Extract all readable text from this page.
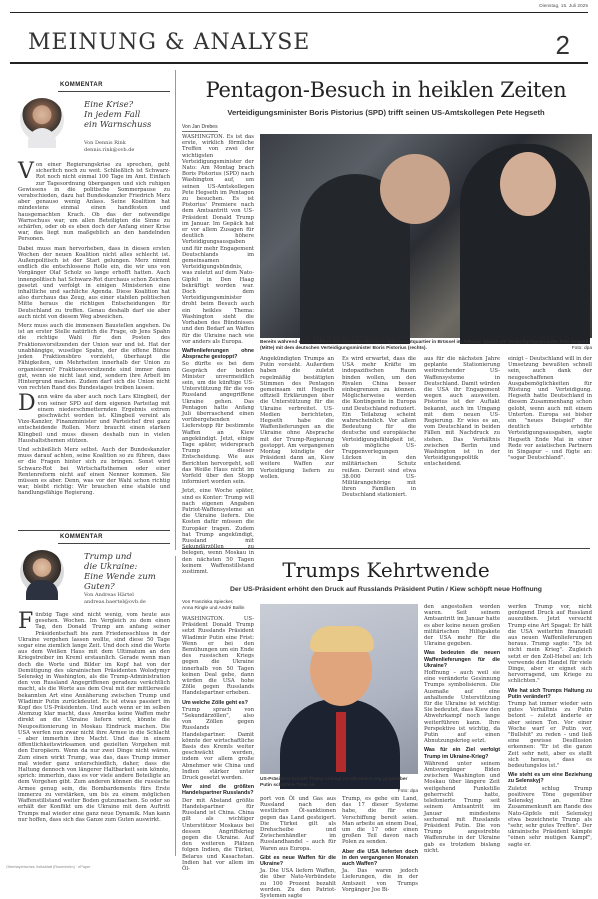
Dienstag, 15. Juli 2025
MEINUNG & ANALYSE	2
KOMMENTAR
Eine Krise?
In jedem Fall
ein Warnschuss
Von Dennis Rink
dennis.rink@ovb.de

Von einer Regierungskrise zu sprechen, geht sicherlich noch zu weit. Schließlich ist Schwarz-Rot noch nicht einmal 100 Tage im Amt. Einfach zur Tagesordnung übergangen und sich ruhigen Gewissens in die politische Sommerpause zu verabschieden, dazu hat Bundeskanzler Friedrich Merz aber genauso wenig Anlass. Seine Koalition hat mindestens einmal einen handfesten und hausgemachten Krach. Ob das der notwendige Warnschuss war, um allen Beteiligten die Sinne zu schärfen, oder ob es eben doch der Anfang einer Krise war, das liegt nun maßgeblich an den handelnden Personen.

Dabei muss man hervorheben, dass in diesen ersten Wochen der neuen Koalition nicht alles schlecht ist. Außenpolitisch ist der Start gelungen. Merz nimmt endlich die entschlossene Rolle ein, die wir uns von Vorgänger Olaf Scholz so lange erhofft hatten. Auch innenpolitisch hat Schwarz-Rot durchaus schon Zeichen gesetzt und verfolgt in einigen Ministerien eine inhaltliche und sachliche Agenda. Diese Koalition hat also durchaus das Zeug, aus einer stabilen politischen Mitte heraus die richtigen Entscheidungen für Deutschland zu treffen. Genau deshalb darf sie aber auch nicht von diesem Weg abweichen.

Merz muss auch die immensen Baustellen angehen. Da ist an erster Stelle natürlich die Frage, ob Jens Spahn die richtige Wahl für den Posten des Fraktionsvorsitzenden der Union war und ist. Hat der unabhängige, wuselige Spahn, der die offene Bühne jeden Fraktionsbüro vorzieht, überhaupt die Fähigkeiten, um Mehrheiten innerhalb der Union zu organisieren? Fraktionsvorsitzende sind immer dann gut, wenn sie nicht laut sind, sondern ihre Arbeit im Hintergrund machen. Zudem darf sich die Union nicht von rechten Rand des Bundestages treiben lassen.

Dann wäre da aber auch noch Lars Klingbeil, der von seiner SPD auf dem eigenen Parteitag mit einem niederschmetternden Ergebnis extrem geschwächt worden ist. Klingbeil vereint als Vize-Kanzler, Finanzminister und Parteichef drei ganz entscheidende Rollen. Merz braucht einen starken Klingbeil und muss diesen deshalb nun in vielen Haushaltsthemen stützen.

Und schließlich Merz selbst. Auch der Bundeskanzler muss darauf achten, seine Koalition so zu führen, dass er die Fragen hinter sich zu bringen. Sonst wird Schwarz-Rot bei Wirtschaftsthemen oder einer Rentenreform nicht auf einen Nenner kommen. Sie müssen es aber. Denn, was vor der Wahl schon richtig war, bleibt richtig: Wir brauchen eine stabile und handlungsfähige Regierung.

KOMMENTAR
Trump und
die Ukraine:
Eine Wende zum Guten?
Von Andreas Härtel
andreas.haertel@ovb.de

Fünfzig Tage sind nicht wenig, vom heute aus gesehen. Wochen. Im Vergleich zu dem einen Tag, den Donald Trump am anfang seiner Präsidentschaft bis zum Friedensschluss in der Ukraine vergehen lassen wollte, sind diese 50 Tage sogar eine ziemlich lange Zeit. Und doch sind die Worte aus dem Weißen Haus mit dem Ultimatum an den Kriegstreiber im Kreml erstaunlich. Gerade wenn man doch die Worte und Bilder im Kopf hat von der Demütigung des ukrainischen Präsidenten Wolodymyr Selenskyj in Washington, als die Trump-Administration den von Russland Angegriffenen geradezu verächtlich macht, als die Worte aus dem Oval mit der mittlerweile bekannten Art eine Annäherung zwischen Trump und Wladimir Putin zurückdeutet. Es ist etwas passiert im Kopf des US-Präsidenten. Und auch wenn er im selben Atemzug klar macht, dass Amerika keine Waffen mehr direkt an die Ukraine liefern wird, könnte die Neupositionierung in Moskau Eindruck machen. Die USA werfen nun zwar nicht ihre Armee in die Schlacht – aber immerhin ihre Macht. Und das in einem öffentlichkeitswirksamen und gezielten Vorgehen mit den Europäern. Wenn da nur zwei Dinge nicht wären. Zum einen wirkt Trump, was das, dass Trump immer mal wieder ganz unterschiedlich, daher, dass die Haltung dennoch von längerer Haltbarkeit sein könnte, sprich: immerhin, dass es vor viele andere Beteiligte an dem Vorgehen gibt. Zum anderen können die russische Armee genug sein, die Bombardements fürs Erste immerzu zu verstärken, um bis zu einem möglichen Waffenstillstand weiter Boden gutzumachen. So oder so erhält der Konflikt um die Ukraine mit dem Auftritt Trumps mal wieder eine ganz neue Dynamik. Man kann nur hoffen, dass sich das Ganze zum Guten auswirkt.

Pentagon-Besuch in heiklen Zeiten
Verteidigungsminister Boris Pistorius (SPD) trifft seinen US-Amtskollegen Pete Hegseth
Von Jan Drebes

WASHINGTON. Es ist das erste, wirklich förmliche Treffen von zwei der wichtigsten Verteidigungsminister der Nato: Am Montag brach Boris Pistorius (SPD) nach Washington auf, um seinen US-Amtskollegen Pete Hegseth im Pentagon zu besuchen. Es ist Pistorius' Premiere nach dem Amtsantritt von US-Präsident Donald Trump im Januar. Im Gepäck hat er vor allem Zusagen für deutlich höhere Verteidigungsausgaben und für mehr Engagement Deutschlands im gemeinsamen Verteidigungsbündnis, was zuletzt auf dem Nato-Gipfel in Den Haag bekräftigt worden war. Doch dem Verteidigungsminister droht beim Besuch auch ein heikles Thema: Washington sieht die Vorhaben des Bündnisses und den Bedarf an Waffen für die Ukraine nach wie vor anders als Europa.

Waffenlieferungen ohne Absprache gestoppt?

So dürfte es bei dem Gespräch der beiden Minister unvermeidlich sein, um die künftige US-Unterstützung für die von Russland angegriffene Ukraine gehen. Das Pentagon hatte Anfang Juli überraschend einen vorübergehenden Lieferstopp für bestimmte Waffen an Kiew angekündigt. Jetzt, einige Tage später, widersprach Trump dieser Entscheidung. Wie aus Berichten hervorgeht, soll das Weiße Haus nicht im Vorfeld über den Stopp informiert worden sein.

Jetzt, eine Woche später, sind es Konter: Trump will nach eigenen Angaben Patriot-Waffensysteme an die Ukraine liefern. Die Kosten dafür müssen die Europäer tragen. Zudem hat Trump angekündigt, Russland mit Sekundärzöllen zu belegen, wenn Moskau in den nächsten 50 Tagen keinem Waffenstillstand zustimmt.

Bereits während eines Treffens des Nordatlantikrats im Nato-Hauptquartier in Brüssel im Februar sprach US-Verteidigungsminister Pete Hegseth (Mitte) mit dem deutschen Verteidigungsminister Boris Pistorius (rechts).	Foto: dpa

Angekündigten Trumps an Putin vorsieht. Außerdem haben die zuletzt regelmäßig bestätigten Stimmen des Pentagon gemeinsam mit Hegseth offiziell Erklärungen über die Unterstützung für die Ukraine verbreitet. US-Medien berichteten, Hegseth habe die Waffenlieferungen an die Ukraine ohne Absprache mit der Trump-Regierung gestoppt. Am vergangenen Montag kündigte der Präsident dann an, Kiew weitere Waffen zur Verteidigung liefern zu wollen.

Es wird erwartet, dass die USA mehr Kräfte im indopazifischen Raum binden wollen, um den Rivalen China besser einbegrenzen zu können. Möglicherweise werden die Kontingente in Europa und Deutschland reduziert. Ein Teilabzug scheint wahrscheinlich. Vor allem Bedeutung für die deutsche und europäische Verteidigungsfähigkeit ist, ob mögliche US-Truppenverlegungen Lücken in den militärischen Schutz reißen. Derzeit sind etwa 38.000 US-Militärangehörige mit ihren Familien in Deutschland stationiert.

aus für die nächsten Jahre geplante Stationierung weitreichender US-Waffensysteme in Deutschland. Damit würden die USA ihr Engagement wegen auch ausweiten. Pistorius ist der Auftakt bekannt, auch im Umgang mit dem neuen US-Regierung. Er wies es an, vom Deutschland in beiden Fällen mit Nachdruck zu stehen. Das Verhältnis zwischen Berlin und Washington ist in der Verteidigungspolitik entscheidend.

einigt – Deutschland will in der Umsetzung bewußten schnell sein, auch dank der neugeschaffenen Ausgabemöglichkeiten für Rüstung und Verteidigung. Hegseth hatte Deutschland in diesem Zusammenhang schon gelobt, wenn auch mit einem Unterton. Europa sei bisher ein "neues Beispiel" für deutlich erhöhte Verteidigungsausgaben, sagte Hegseth Ende Mai in einer Rede vor asiatischen Partnern in Singapur – und fügte an: "sogar Deutschland".

Trumps Kehrtwende
Der US-Präsident erhöht den Druck auf Russlands Präsident Putin / Kiew schöpft neue Hoffnung
Von Franziska Spiecker,
Anna Ringle und André Ballin

WASHINGTON. US-Präsident Donald Trump setzt Russlands Präsident Wladimir Putin eine Frist: Wenn er bei den Bemühungen um ein Ende des russischen Kriegs gegen die Ukraine innerhalb von 50 Tagen keinen Deal gebe, dann würden die USA hohe Zölle gegen Russlands Handelspartner erheben.

Um welche Zölle geht es?

Trump sprach von "Sekundärzöllen", also von Zöllen gegen Russlands Handelspartner. Damit könnte der wirtschaftliche Basis des Kremls weiter geschwächt werden, indem vor allem große Abnehmer wie China und Indien stärker unter Druck gesetzt werden.

Wer sind die größten Handelspartner Russlands?

Der mit Abstand größte Handelspartner für Russland ist China. China gilt als wichtiger Unterstützer Moskaus bei dessen Angriffskrieg gegen die Ukraine. Auf den weiteren Plätzen folgen Indien, die Türkei, Belarus und Kasachstan. Indien hat vor allem im Öl-

US-Präsident Donald Trump schlägt im Ukraine-Krieg gegenüber Putin schärfere Töne an.
Foto: dpa

port von Öl und Gas aus Russland nach den westlichen Öl-sanktionen gegen das Land gesteigert. Die Türkei gilt als Drehscheibe und Zwischenhändler im Russlandhandel – auch für Waren aus Europa.

Gibt es neue Waffen für die Ukraine?

Ja. Die USA liefern Waffen, die über Nato-Verbündete zu 100 Prozent bezahlt werden. Zu den Patriot-Systemen sagte

Trump, es gehe ein Land, das 17 dieser Systeme habe, die für eine Verschiffung bereit seien. Man arbeite an einem Deal, um die 17 oder einen großen Teil davon nach Polen zu senden.

Aber die USA lieferten doch in den vergangenen Monaten auch Waffen?

Ja. Das waren jedoch Lieferungen, die in der Amtszeit von Trumps Vorgänger Joe Bi-

den angestoßen worden waren. Seit seinem Amtsantritt im Januar hatte es aber keine neuen großen militärischen Hilfspakete der USA mehr für die Ukraine gegeben.

Was bedeuten die neuen Waffenlieferungen für die Ukraine?

Hoffnung – auch weil sie eine veränderte Gesinnung Trumps symbolisieren. Die Ausmaße auf eine anhaltende Unterstützung für die Ukraine ist wichtig: Sie bedeutet, dass Kiew den Abwehrkampf noch lange weiterführen kann. Ihre Perspektive ist wichtig, da Putin auf einen Abnutzungskrieg setzt.

Was für ein Ziel verfolgt Trump im Ukraine-Krieg?

Während unter seinem Amtsvorgänger Biden zwischen Washington und Moskau über längere Zeit weitgehend Funkstille geherrscht hatte, telefonierte Trump seit seinem Amtsantritt im Januar mindestens sechsmal mit Russlands Präsident Putin. Die von Trump angestrebte Waffenruhe in der Ukraine gab es trotzdem bislang nicht.

werfen Trump vor, nicht genügend Druck auf Russland auszuüben. Jetzt versucht Trump eine Art Spagat: Er hält die USA weiterhin finanziell aus neuen Waffenlieferungen heraus. Trump sagte: "Es ist nicht mein Krieg". Zugleich setzt er den Zoll-Hebel an: Ich verwende den Handel für viele Dinge, aber er eignet sich hervorragend, um Kriege zu schlichten."

Wie hat sich Trumps Haltung zu Putin verändert?

Trump hat immer wieder sein gutes Verhältnis zu Putin betont – zuletzt änderte er aber seinen Ton. Vor einer Woche warf er Putin vor, "Bullshit" zu reden – und ließ eine gewisse Desillusion erkennen: "Er ist die ganze Zeit sehr nett, aber es stellt sich heraus, dass es bedeutungslos ist."

Wie steht es um eine Beziehung zu Selenskyj?

Zuletzt schlug Trump positivere Töne gegenüber Selenskyj an. Eine Zusammenkunft am Rande des Nato-Gipfels mit Selenskyj etwa bezeichnete Trump als "sehr, sehr gutes Treffen". Der ukrainische Präsident kämpfe "einen sehr mutigen Kampf", sagte er.

Oberbayerisches Volksblatt (Rosenheim) · ePaper
